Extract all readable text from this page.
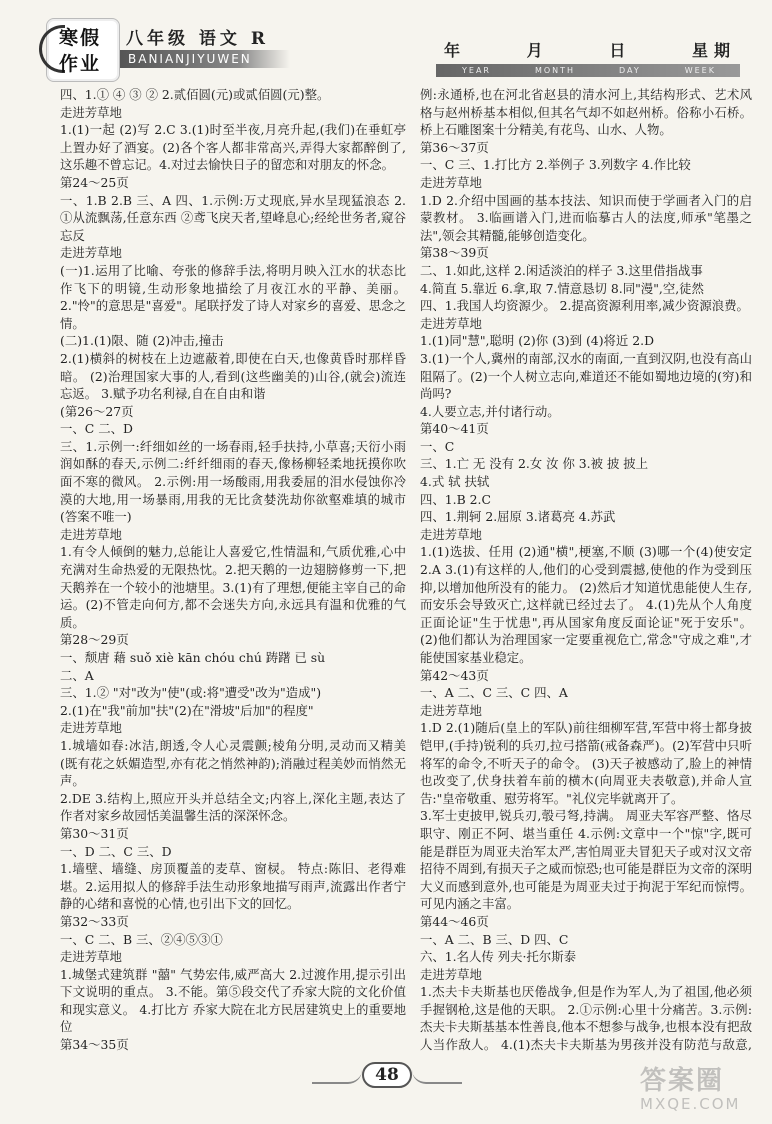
寒假
作业
八年级 语文 R
BANIANJIYUWEN	年	月	日	星期
YEAR	MONTH	DAY	WEEK

四、1.① ④ ③ ② 2.贰佰圆(元)或贰佰圆(元)整。

走进芳草地

1.(1)一起 (2)写 2.C 3.(1)时至半夜,月亮升起,(我们)在垂虹亭上置办好了酒宴。(2)各个客人都非常高兴,弄得大家都醉倒了,这乐趣不曾忘记。4.对过去愉快日子的留恋和对朋友的怀念。

第24～25页

一、1.B 2.B 三、A 四、1.示例:万丈现底,异水呈现猛浪态 2.①从流飘荡,任意东西 ②鸢飞戾天者,望峰息心;经纶世务者,窥谷忘反

走进芳草地

(一)1.运用了比喻、夸张的修辞手法,将明月映入江水的状态比作飞下的明镜,生动形象地描绘了月夜江水的平静、美丽。 2."怜"的意思是"喜爱"。尾联抒发了诗人对家乡的喜爱、思念之情。

(二)1.(1)限、随 (2)冲击,撞击

2.(1)横斜的树枝在上边遮蔽着,即使在白天,也像黄昏时那样昏暗。 (2)治理国家大事的人,看到(这些幽美的)山谷,(就会)流连忘返。 3.赋予功名利禄,自在自由和谐

(第26～27页

一、C 二、D

三、1.示例一:纤细如丝的一场春雨,轻手扶持,小草喜;天衍小雨润如酥的春天,示例二:纤纤细雨的春天,像杨柳轻柔地抚摸你吹面不寒的微风。 2.示例:用一场酸雨,用我委屈的泪水侵蚀你冷漠的大地,用一场暴雨,用我的无比贪婪洗劫你欲壑难填的城市(答案不唯一)

走进芳草地

1.有令人倾倒的魅力,总能让人喜爱它,性情温和,气质优雅,心中充满对生命热爱的无限热忱。2.把天鹅的一边翅膀修剪一下,把天鹅养在一个较小的池塘里。3.(1)有了理想,便能主宰自己的命运。(2)不管走向何方,都不会迷失方向,永远具有温和优雅的气质。

第28～29页

一、颓唐 藉 suǒ xiè kān chóu chú 踌躇 已 sù

二、A

三、1.② "对"改为"使"(或:将"遭受"改为"造成")

2.(1)在"我"前加"扶"(2)在"滑坡"后加"的程度"

走进芳草地

1.城墙如春:冰洁,朗透,令人心灵震颤;棱角分明,灵动而又精美(既有花之妖媚造型,亦有花之悄然神韵);消融过程美妙而悄然无声。

2.DE 3.结构上,照应开头并总结全文;内容上,深化主题,表达了作者对家乡故园恬美温馨生活的深深怀念。

第30～31页

一、D 二、C 三、D

1.墙壁、墙缝、房顶覆盖的麦草、窗棂。 特点:陈旧、老得难堪。2.运用拟人的修辞手法生动形象地描写雨声,流露出作者宁静的心绪和喜悦的心情,也引出下文的回忆。

第32～33页

一、C 二、B 三、②④⑤③①

走进芳草地

1.城堡式建筑群 "囍" 气势宏伟,威严高大 2.过渡作用,提示引出下文说明的重点。 3.不能。第⑤段交代了乔家大院的文化价值和现实意义。 4.打比方 乔家大院在北方民居建筑史上的重要地位

第34～35页

例:永通桥,也在河北省赵县的清水河上,其结构形式、艺术风格与赵州桥基本相似,但其名气却不如赵州桥。俗称小石桥。桥上石雕图案十分精美,有花鸟、山水、人物。

第36～37页

一、C 三、1.打比方 2.举例子 3.列数字 4.作比较

走进芳草地

1.D 2.介绍中国画的基本技法、知识而使于学画者入门的启蒙教材。 3.临画谱入门,进而临摹古人的法度,师承"笔墨之法",领会其精髓,能够创造变化。

第38～39页

二、1.如此,这样 2.闲适淡泊的样子 3.这里借指战事

4.简直 5.靠近 6.拿,取 7.情意恳切 8.同"漫",空,徒然

四、1.我国人均资源少。 2.提高资源利用率,减少资源浪费。

走进芳草地

1.(1)同"慧",聪明 (2)你 (3)到 (4)将近 2.D

3.(1)一个人,冀州的南部,汉水的南面,一直到汉阴,也没有高山阻隔了。(2)一个人树立志向,难道还不能如蜀地边境的(穷)和尚吗?

4.人要立志,并付诸行动。

第40～41页

一、C

三、1.亡 无 没有 2.女 汝 你 3.被 披 披上

4.式 轼 扶轼

四、1.B 2.C

四、1.荆轲 2.屈原 3.诸葛亮 4.苏武

走进芳草地

1.(1)选拔、任用 (2)通"横",梗塞,不顺 (3)哪一个(4)使安定 2.A 3.(1)有这样的人,他们的心受到震撼,使他的作为受到压抑,以增加他所没有的能力。 (2)然后才知道忧患能使人生存,而安乐会导致灭亡,这样就已经过去了。 4.(1)先从个人角度正面论证"生于忧患",再从国家角度反面论证"死于安乐"。 (2)他们都认为治理国家一定要重视危亡,常念"守成之难",才能使国家基业稳定。

第42～43页

一、A 二、C 三、C 四、A

走进芳草地

1.D 2.(1)随后(皇上的军队)前往细柳军营,军营中将士都身披铠甲,(手持)锐利的兵刃,拉弓搭箭(戒备森严)。(2)军营中只听将军的命令,不听天子的命令。 (3)天子被感动了,脸上的神情也改变了,伏身扶着车前的横木(向周亚夫表敬意),并命人宣告:"皇帝敬重、慰劳将军。"礼仪完毕就离开了。

3.军士吏披甲,锐兵刃,彀弓弩,持满。 周亚夫军容严整、恪尽职守、刚正不阿、堪当重任 4.示例:文章中一个"惊"字,既可能是群臣为周亚夫治军太严,害怕周亚夫冒犯天子或对汉文帝招待不周到,有损天子之威而惊恐;也可能是群臣为文帝的深明大义而感到意外,也可能是为周亚夫过于拘泥于军纪而惊愕。可见内涵之丰富。

第44～46页

一、A 二、B 三、D 四、C

六、1.名人传 列夫·托尔斯泰

走进芳草地

1.杰夫卡夫斯基也厌倦战争,但是作为军人,为了祖国,他必须手握钢枪,这是他的天职。 2.①示例:心里十分痛苦。3.示例:杰夫卡夫斯基基本性善良,他本不想参与战争,也根本没有把敌人当作敌人。 4.(1)杰夫卡夫斯基为男孩并没有防范与敌意,

48	答案圈
MXQE.COM
